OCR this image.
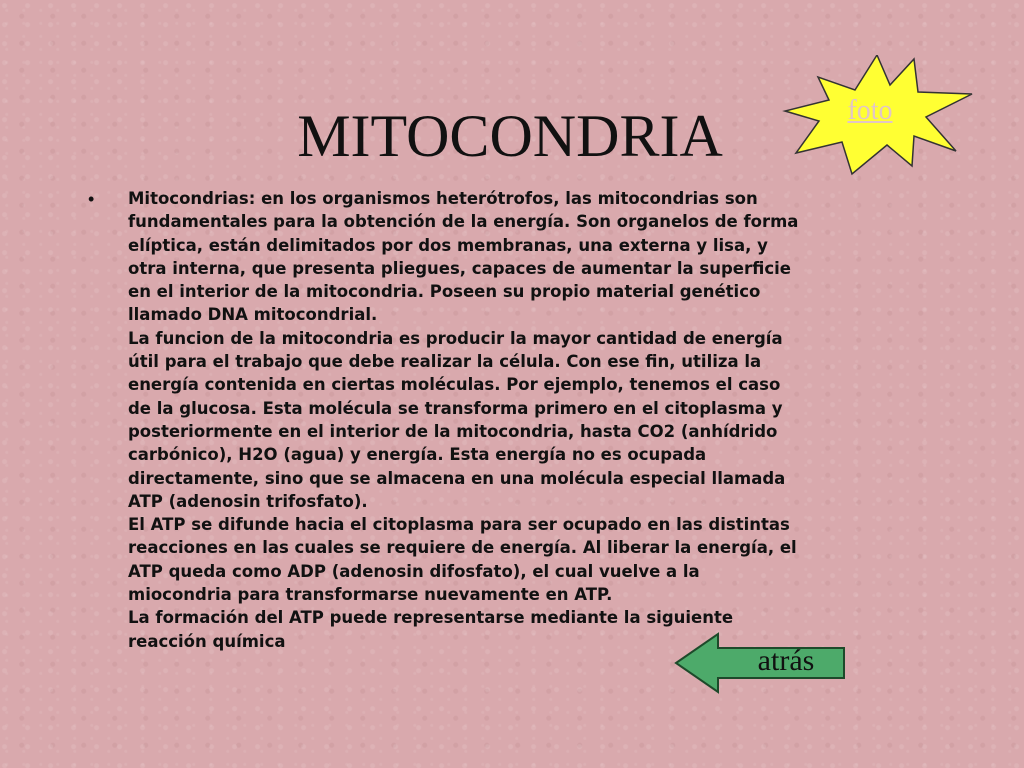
MITOCONDRIA	foto
• Mitocondrias: en los organismos heterótrofos, las mitocondrias son
fundamentales para la obtención de la energía. Son organelos de forma
elíptica, están delimitados por dos membranas, una externa y lisa, y
otra interna, que presenta pliegues, capaces de aumentar la superficie
en el interior de la mitocondria. Poseen su propio material genético
llamado DNA mitocondrial.
La funcion de la mitocondria es producir la mayor cantidad de energía
útil para el trabajo que debe realizar la célula. Con ese fin, utiliza la
energía contenida en ciertas moléculas. Por ejemplo, tenemos el caso
de la glucosa. Esta molécula se transforma primero en el citoplasma y
posteriormente en el interior de la mitocondria, hasta CO2 (anhídrido
carbónico), H2O (agua) y energía. Esta energía no es ocupada
directamente, sino que se almacena en una molécula especial llamada
ATP (adenosin trifosfato).
El ATP se difunde hacia el citoplasma para ser ocupado en las distintas
reacciones en las cuales se requiere de energía. Al liberar la energía, el
ATP queda como ADP (adenosin difosfato), el cual vuelve a la
miocondria para transformarse nuevamente en ATP.
La formación del ATP puede representarse mediante la siguiente
reacción química

atrás
